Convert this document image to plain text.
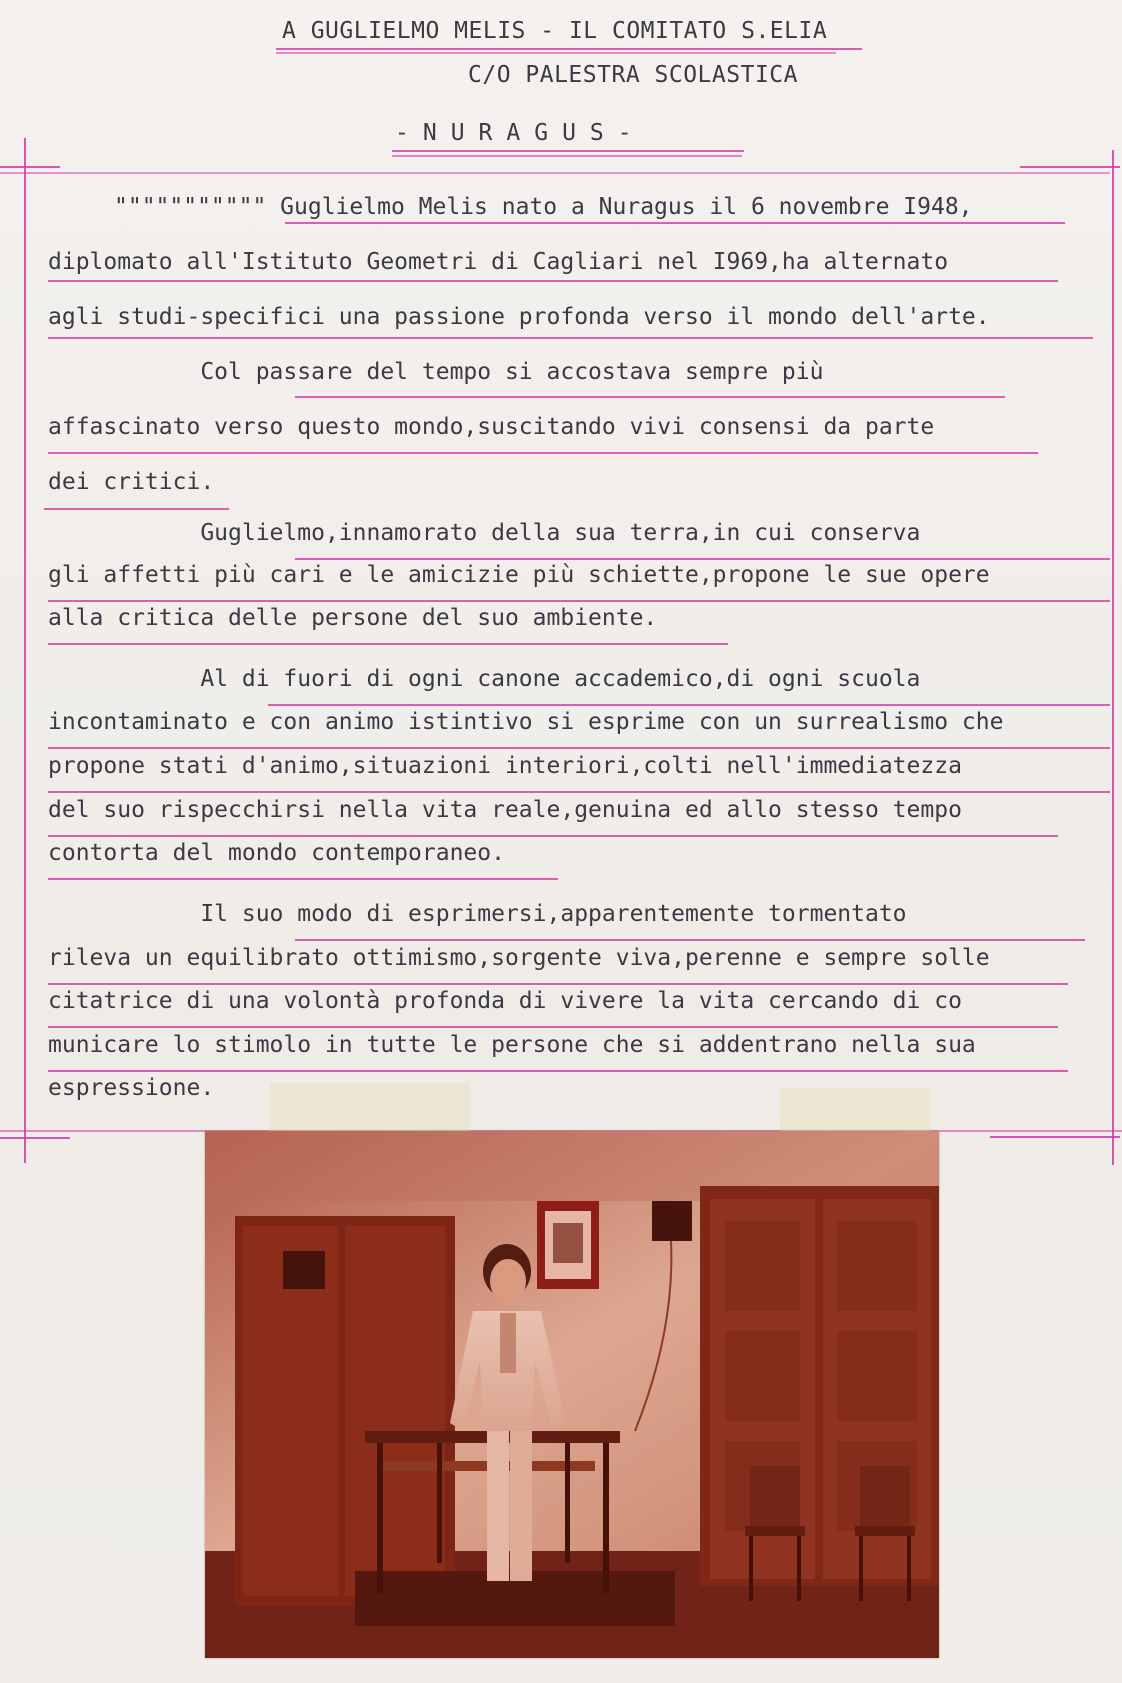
A GUGLIELMO MELIS - IL COMITATO S.ELIA
C/O PALESTRA SCOLASTICA
-NURAGUS-
""""""""""" Guglielmo Melis nato a Nuragus il 6 novembre I948,
diplomato all'Istituto Geometri di Cagliari nel I969,ha alternato
agli studi-specifici una passione profonda verso il mondo dell'arte.
Col passare del tempo si accostava sempre più
affascinato verso questo mondo,suscitando vivi consensi da parte
dei critici.
Guglielmo,innamorato della sua terra,in cui conserva
gli affetti più cari e le amicizie più schiette,propone le sue opere
alla critica delle persone del suo ambiente.
Al di fuori di ogni canone accademico,di ogni scuola
incontaminato e con animo istintivo si esprime con un surrealismo che
propone stati d'animo,situazioni interiori,colti nell'immediatezza
del suo rispecchirsi nella vita reale,genuina ed allo stesso tempo
contorta del mondo contemporaneo.
Il suo modo di esprimersi,apparentemente tormentato
rileva un equilibrato ottimismo,sorgente viva,perenne e sempre solle
citatrice di una volontà profonda di vivere la vita cercando di co
municare lo stimolo in tutte le persone che si addentrano nella sua
espressione.
